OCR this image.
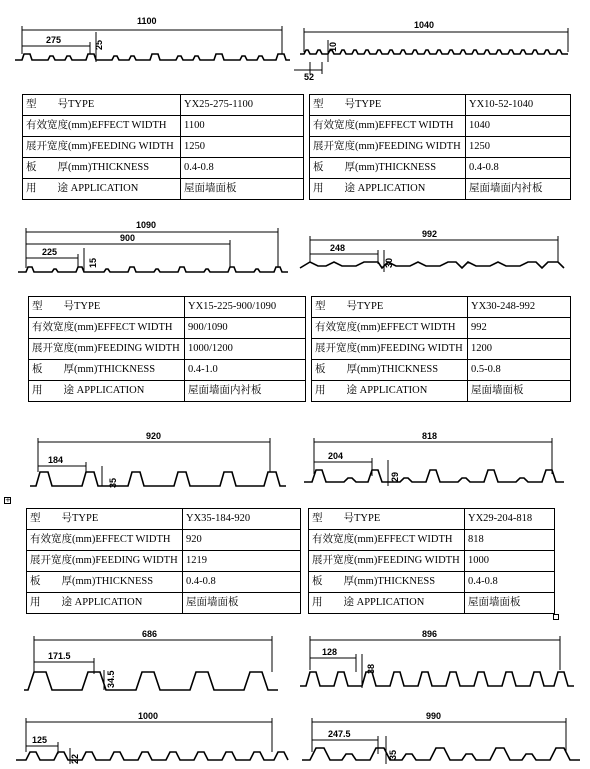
1100
275	25
1040
52
10
1090
900
225
15
992
248
30
920
184
35
818
204
29
686
171.5
34.5
896
128
38
1000
125
22
990
247.5
35
型　　号TYPE	YX25-275-1100		型　　号TYPE	YX10-52-1040
有效宽度(mm)EFFECT WIDTH	1100		有效宽度(mm)EFFECT WIDTH	1040
展开宽度(mm)FEEDING WIDTH	1250		展开宽度(mm)FEEDING WIDTH	1250
板　　厚(mm)THICKNESS	0.4-0.8		板　　厚(mm)THICKNESS	0.4-0.8
用　　途 APPLICATION	屋面墙面板		用　　途 APPLICATION	屋面墙面内衬板
型　　号TYPE	YX15-225-900/1090		型　　号TYPE	YX30-248-992
有效宽度(mm)EFFECT WIDTH	900/1090		有效宽度(mm)EFFECT WIDTH	992
展开宽度(mm)FEEDING WIDTH	1000/1200		展开宽度(mm)FEEDING WIDTH	1200
板　　厚(mm)THICKNESS	0.4-1.0		板　　厚(mm)THICKNESS	0.5-0.8
用　　途 APPLICATION	屋面墙面内衬板		用　　途 APPLICATION	屋面墙面板
+
型　　号TYPE	YX35-184-920		型　　号TYPE	YX29-204-818
有效宽度(mm)EFFECT WIDTH	920		有效宽度(mm)EFFECT WIDTH	818
展开宽度(mm)FEEDING WIDTH	1219		展开宽度(mm)FEEDING WIDTH	1000
板　　厚(mm)THICKNESS	0.4-0.8		板　　厚(mm)THICKNESS	0.4-0.8
用　　途 APPLICATION	屋面墙面板		用　　途 APPLICATION	屋面墙面板
